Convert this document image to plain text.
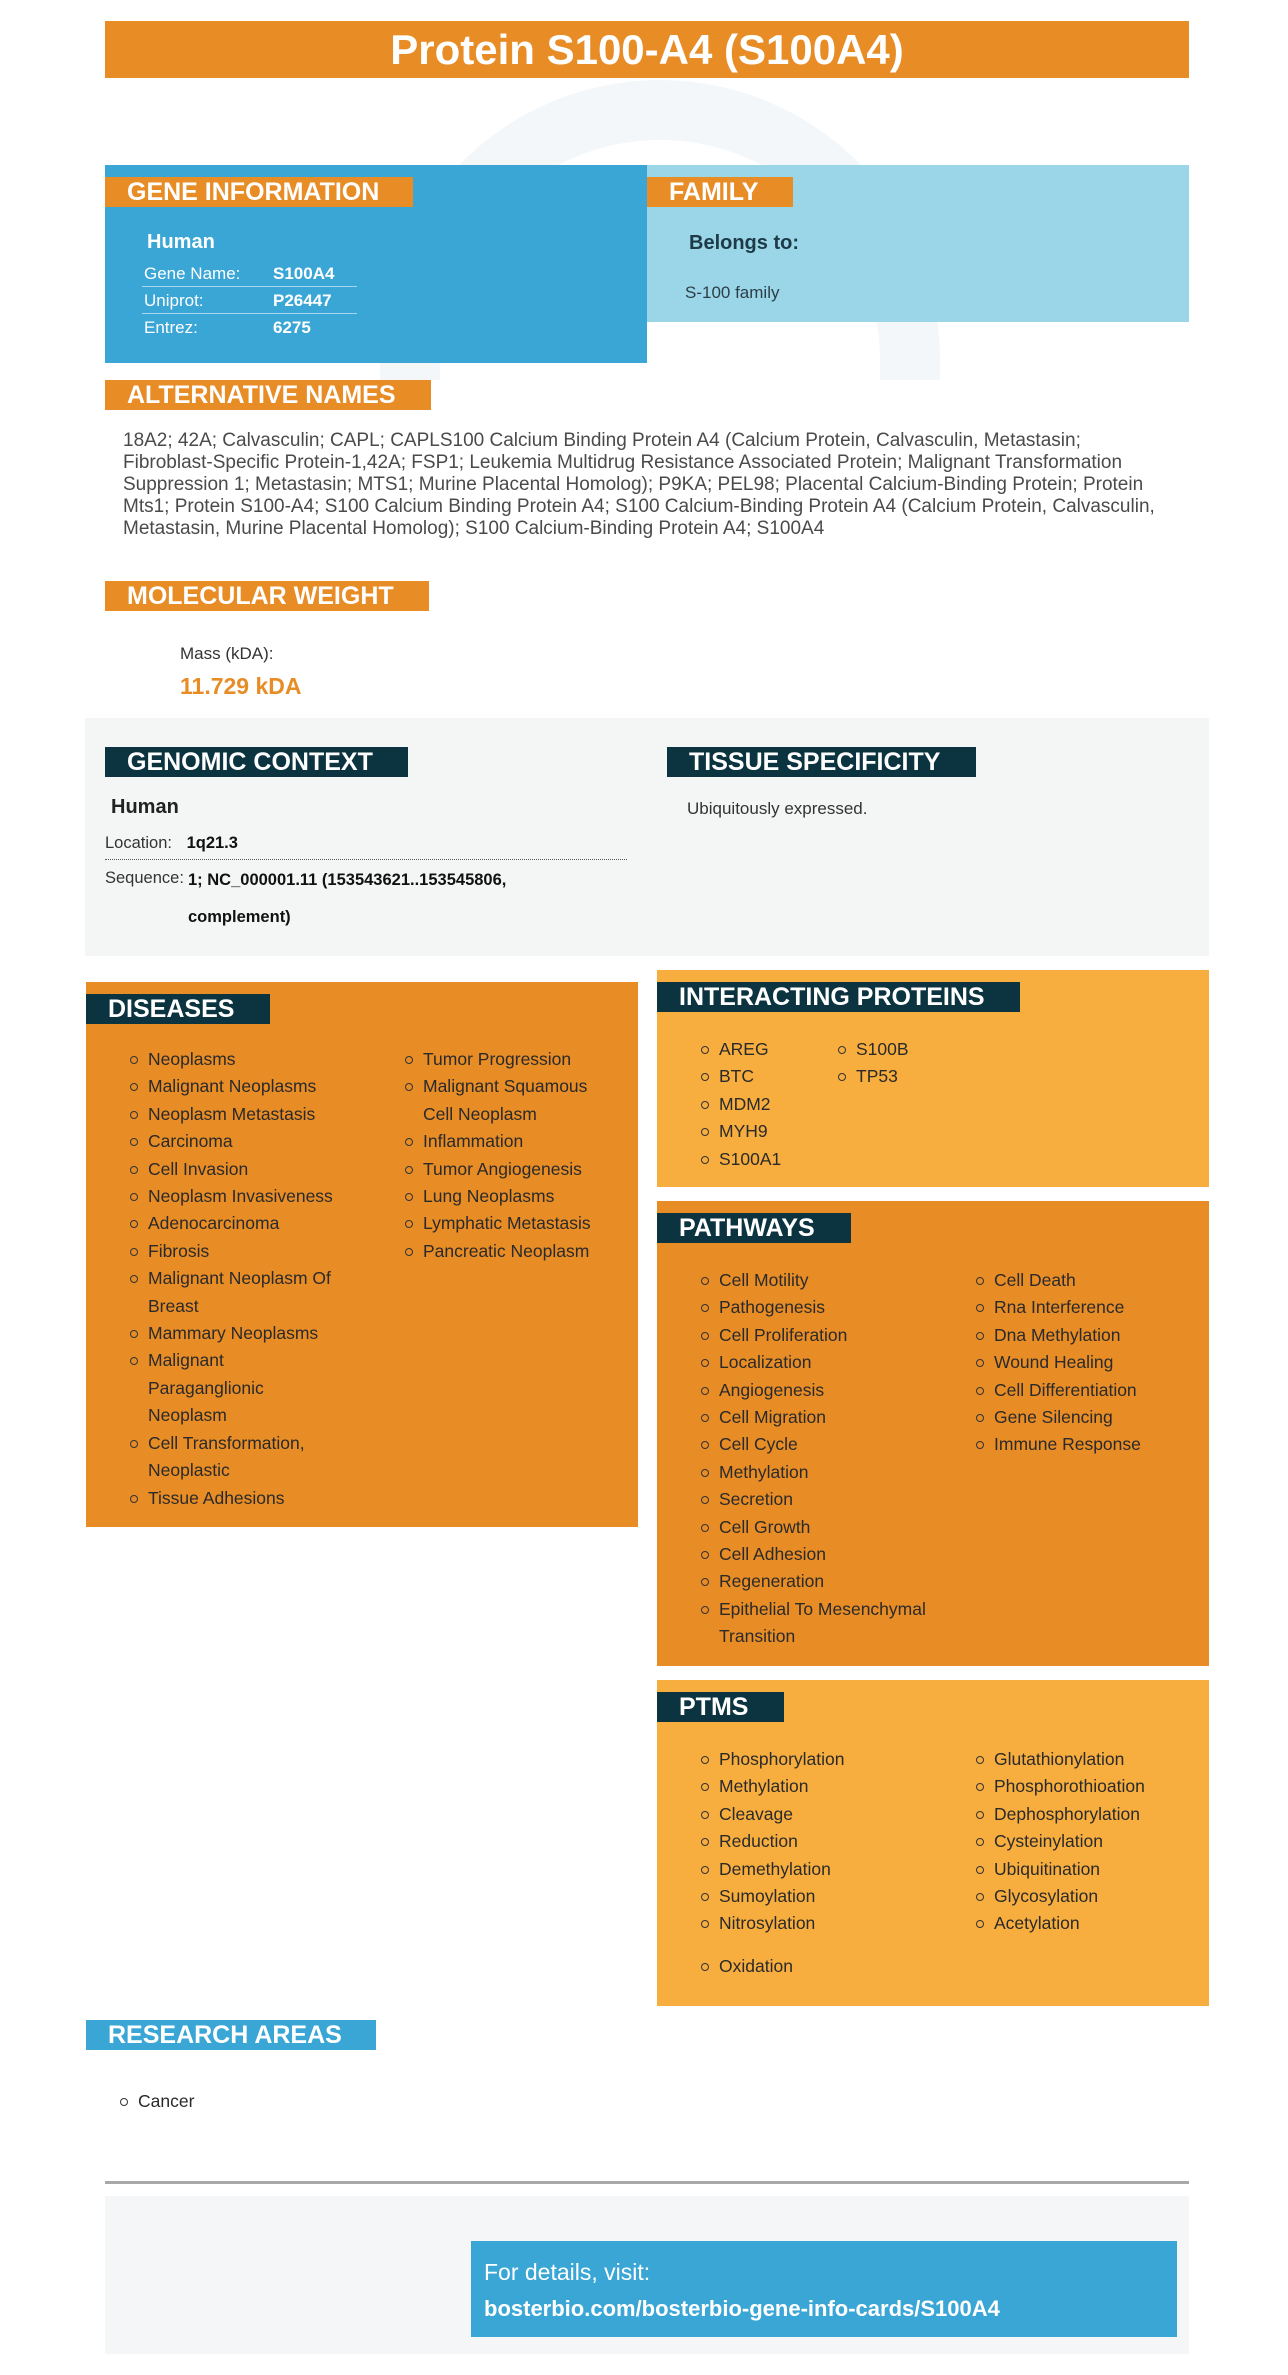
Protein S100-A4 (S100A4)
GENE INFORMATION
Human
Gene Name:	S100A4
Uniprot:	P26447
Entrez:	6275
FAMILY
Belongs to:
S-100 family
ALTERNATIVE NAMES
18A2; 42A; Calvasculin; CAPL; CAPLS100 Calcium Binding Protein A4 (Calcium Protein, Calvasculin, Metastasin; Fibroblast-Specific Protein-1,42A; FSP1; Leukemia Multidrug Resistance Associated Protein; Malignant Transformation Suppression 1; Metastasin; MTS1; Murine Placental Homolog); P9KA; PEL98; Placental Calcium-Binding Protein; Protein Mts1; Protein S100-A4; S100 Calcium Binding Protein A4; S100 Calcium-Binding Protein A4 (Calcium Protein, Calvasculin, Metastasin, Murine Placental Homolog); S100 Calcium-Binding Protein A4; S100A4
MOLECULAR WEIGHT
Mass (kDA):
11.729 kDA
GENOMIC CONTEXT
Human
Location: 1q21.3
Sequence: 1; NC_000001.11 (153543621..153545806,
complement)
TISSUE SPECIFICITY
Ubiquitously expressed.
DISEASES
Neoplasms
Malignant Neoplasms
Neoplasm Metastasis
Carcinoma
Cell Invasion
Neoplasm Invasiveness
Adenocarcinoma
Fibrosis
Malignant Neoplasm Of Breast
Mammary Neoplasms
Malignant Paraganglionic Neoplasm
Cell Transformation, Neoplastic
Tissue Adhesions
Tumor Progression
Malignant Squamous Cell Neoplasm
Inflammation
Tumor Angiogenesis
Lung Neoplasms
Lymphatic Metastasis
Pancreatic Neoplasm
INTERACTING PROTEINS
AREG
BTC
MDM2
MYH9
S100A1
S100B
TP53
PATHWAYS
Cell Motility
Pathogenesis
Cell Proliferation
Localization
Angiogenesis
Cell Migration
Cell Cycle
Methylation
Secretion
Cell Growth
Cell Adhesion
Regeneration
Epithelial To Mesenchymal Transition
Cell Death
Rna Interference
Dna Methylation
Wound Healing
Cell Differentiation
Gene Silencing
Immune Response
PTMS
Phosphorylation
Methylation
Cleavage
Reduction
Demethylation
Sumoylation
Nitrosylation
Glutathionylation
Phosphorothioation
Dephosphorylation
Cysteinylation
Ubiquitination
Glycosylation
Acetylation
Oxidation
RESEARCH AREAS
Cancer
For details, visit:
bosterbio.com/bosterbio-gene-info-cards/S100A4
